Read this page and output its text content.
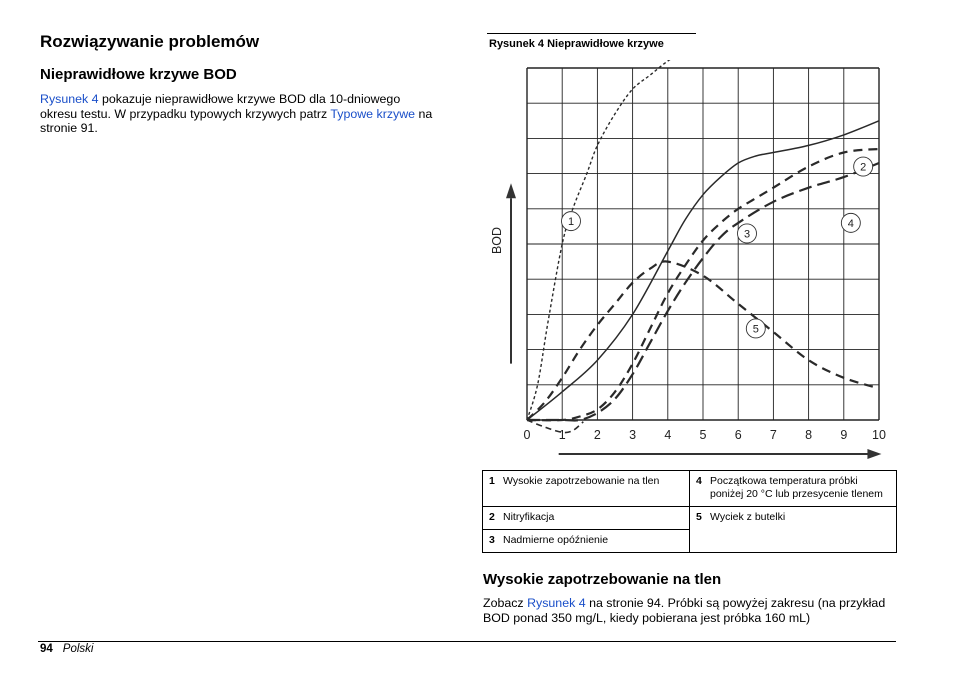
Rozwiązywanie problemów
Nieprawidłowe krzywe BOD
Rysunek 4 pokazuje nieprawidłowe krzywe BOD dla 10-dniowego okresu testu. W przypadku typowych krzywych patrz Typowe krzywe na stronie 91.
Rysunek 4 Nieprawidłowe krzywe
1
2
3
4
5
0 1 2 3 4 5 6 7 8 9 10
BOD
1 Wysokie zapotrzebowanie na tlen	4 Początkowa temperatura próbki poniżej 20 °C lub przesycenie tlenem
2 Nitryfikacja	5 Wyciek z butelki
3 Nadmierne opóźnienie	
Wysokie zapotrzebowanie na tlen
Zobacz Rysunek 4 na stronie 94. Próbki są powyżej zakresu (na przykład BOD ponad 350 mg/L, kiedy pobierana jest próbka 160 mL)
94 Polski
